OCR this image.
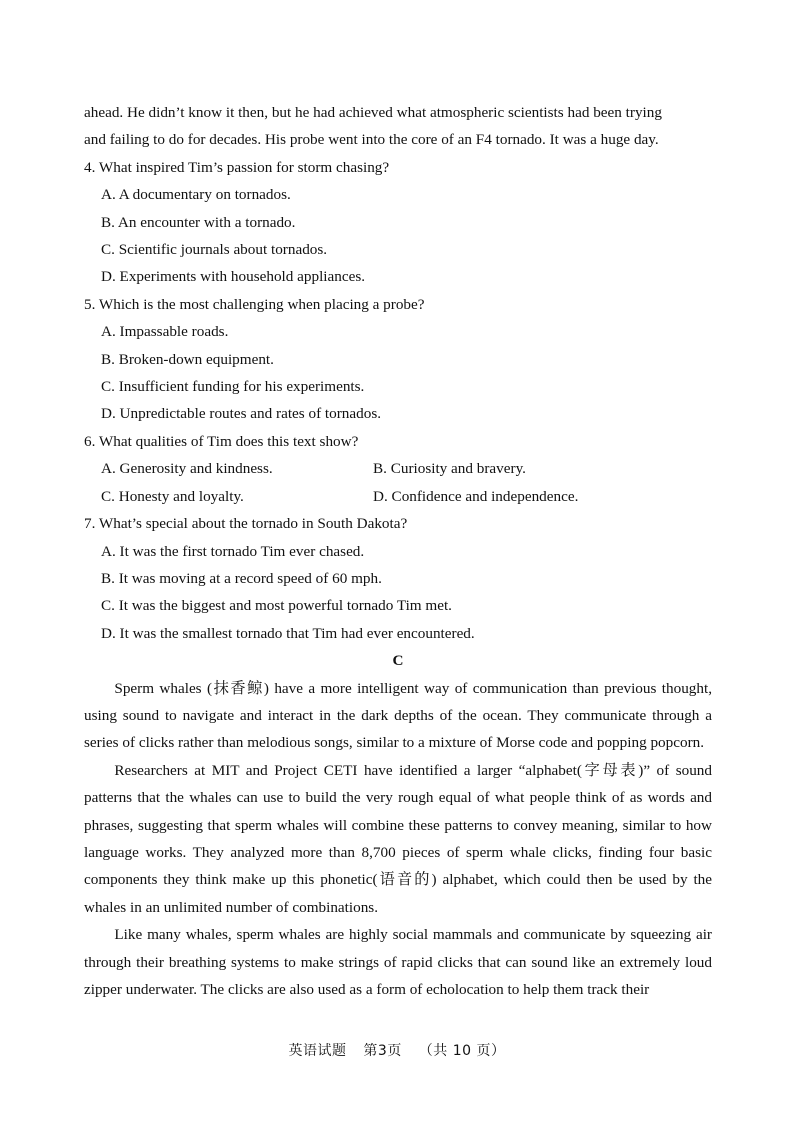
ahead. He didn’t know it then, but he had achieved what atmospheric scientists had been trying
and failing to do for decades. His probe went into the core of an F4 tornado. It was a huge day.
4. What inspired Tim’s passion for storm chasing?
A. A documentary on tornados.
B. An encounter with a tornado.
C. Scientific journals about tornados.
D. Experiments with household appliances.
5. Which is the most challenging when placing a probe?
A. Impassable roads.
B. Broken-down equipment.
C. Insufficient funding for his experiments.
D. Unpredictable routes and rates of tornados.
6. What qualities of Tim does this text show?
A. Generosity and kindness.	B. Curiosity and bravery.
C. Honesty and loyalty.	D. Confidence and independence.
7. What’s special about the tornado in South Dakota?
A. It was the first tornado Tim ever chased.
B. It was moving at a record speed of 60 mph.
C. It was the biggest and most powerful tornado Tim met.
D. It was the smallest tornado that Tim had ever encountered.
C

Sperm whales (抹香鲸) have a more intelligent way of communication than previous thought, using sound to navigate and interact in the dark depths of the ocean. They communicate through a series of clicks rather than melodious songs, similar to a mixture of Morse code and popping popcorn.

Researchers at MIT and Project CETI have identified a larger “alphabet(字母表)” of sound patterns that the whales can use to build the very rough equal of what people think of as words and phrases, suggesting that sperm whales will combine these patterns to convey meaning, similar to how language works. They analyzed more than 8,700 pieces of sperm whale clicks, finding four basic components they think make up this phonetic(语音的) alphabet, which could then be used by the whales in an unlimited number of combinations.

Like many whales, sperm whales are highly social mammals and communicate by squeezing air through their breathing systems to make strings of rapid clicks that can sound like an extremely loud zipper underwater. The clicks are also used as a form of echolocation to help them track their

英语试题 第3页 （共 10 页）
